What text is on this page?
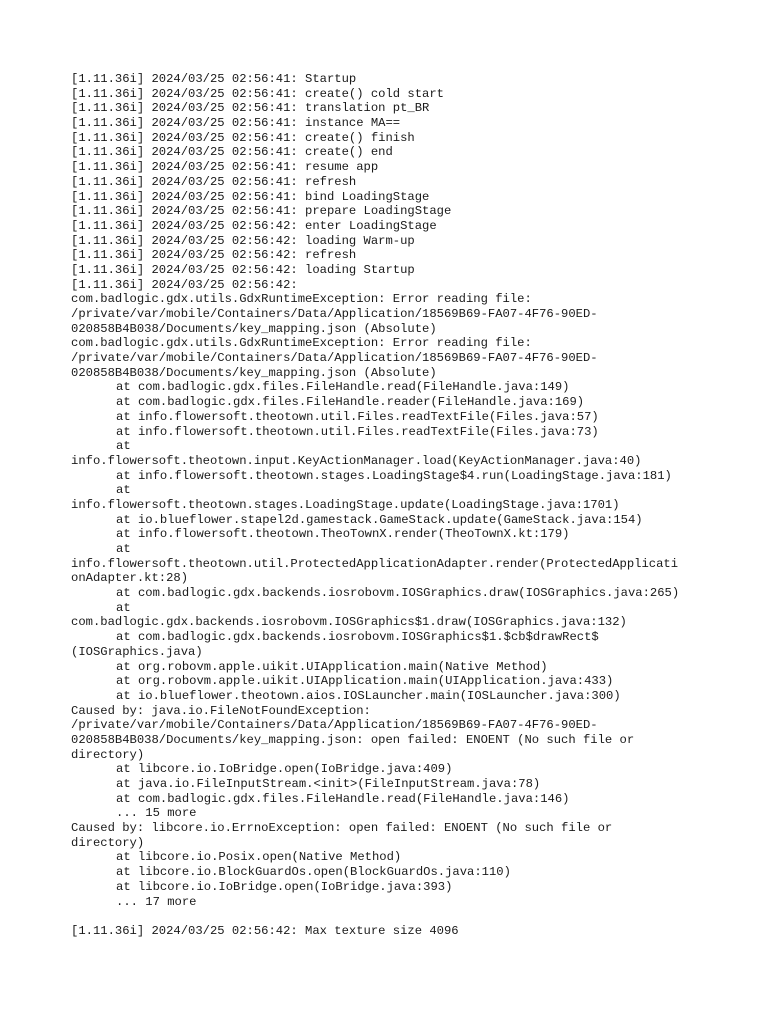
[1.11.36i] 2024/03/25 02:56:41: Startup
[1.11.36i] 2024/03/25 02:56:41: create() cold start
[1.11.36i] 2024/03/25 02:56:41: translation pt_BR
[1.11.36i] 2024/03/25 02:56:41: instance MA==
[1.11.36i] 2024/03/25 02:56:41: create() finish
[1.11.36i] 2024/03/25 02:56:41: create() end
[1.11.36i] 2024/03/25 02:56:41: resume app
[1.11.36i] 2024/03/25 02:56:41: refresh
[1.11.36i] 2024/03/25 02:56:41: bind LoadingStage
[1.11.36i] 2024/03/25 02:56:41: prepare LoadingStage
[1.11.36i] 2024/03/25 02:56:42: enter LoadingStage
[1.11.36i] 2024/03/25 02:56:42: loading Warm-up
[1.11.36i] 2024/03/25 02:56:42: refresh
[1.11.36i] 2024/03/25 02:56:42: loading Startup
[1.11.36i] 2024/03/25 02:56:42:
com.badlogic.gdx.utils.GdxRuntimeException: Error reading file:
/private/var/mobile/Containers/Data/Application/18569B69-FA07-4F76-90ED-
020858B4B038/Documents/key_mapping.json (Absolute)
com.badlogic.gdx.utils.GdxRuntimeException: Error reading file:
/private/var/mobile/Containers/Data/Application/18569B69-FA07-4F76-90ED-
020858B4B038/Documents/key_mapping.json (Absolute)
at com.badlogic.gdx.files.FileHandle.read(FileHandle.java:149)
at com.badlogic.gdx.files.FileHandle.reader(FileHandle.java:169)
at info.flowersoft.theotown.util.Files.readTextFile(Files.java:57)
at info.flowersoft.theotown.util.Files.readTextFile(Files.java:73)
at
info.flowersoft.theotown.input.KeyActionManager.load(KeyActionManager.java:40)
at info.flowersoft.theotown.stages.LoadingStage$4.run(LoadingStage.java:181)
at
info.flowersoft.theotown.stages.LoadingStage.update(LoadingStage.java:1701)
at io.blueflower.stapel2d.gamestack.GameStack.update(GameStack.java:154)
at info.flowersoft.theotown.TheoTownX.render(TheoTownX.kt:179)
at
info.flowersoft.theotown.util.ProtectedApplicationAdapter.render(ProtectedApplicati
onAdapter.kt:28)
at com.badlogic.gdx.backends.iosrobovm.IOSGraphics.draw(IOSGraphics.java:265)
at
com.badlogic.gdx.backends.iosrobovm.IOSGraphics$1.draw(IOSGraphics.java:132)
at com.badlogic.gdx.backends.iosrobovm.IOSGraphics$1.$cb$drawRect$
(IOSGraphics.java)
at org.robovm.apple.uikit.UIApplication.main(Native Method)
at org.robovm.apple.uikit.UIApplication.main(UIApplication.java:433)
at io.blueflower.theotown.aios.IOSLauncher.main(IOSLauncher.java:300)
Caused by: java.io.FileNotFoundException:
/private/var/mobile/Containers/Data/Application/18569B69-FA07-4F76-90ED-
020858B4B038/Documents/key_mapping.json: open failed: ENOENT (No such file or
directory)
at libcore.io.IoBridge.open(IoBridge.java:409)
at java.io.FileInputStream.<init>(FileInputStream.java:78)
at com.badlogic.gdx.files.FileHandle.read(FileHandle.java:146)
... 15 more
Caused by: libcore.io.ErrnoException: open failed: ENOENT (No such file or
directory)
at libcore.io.Posix.open(Native Method)
at libcore.io.BlockGuardOs.open(BlockGuardOs.java:110)
at libcore.io.IoBridge.open(IoBridge.java:393)
... 17 more
[1.11.36i] 2024/03/25 02:56:42: Max texture size 4096
